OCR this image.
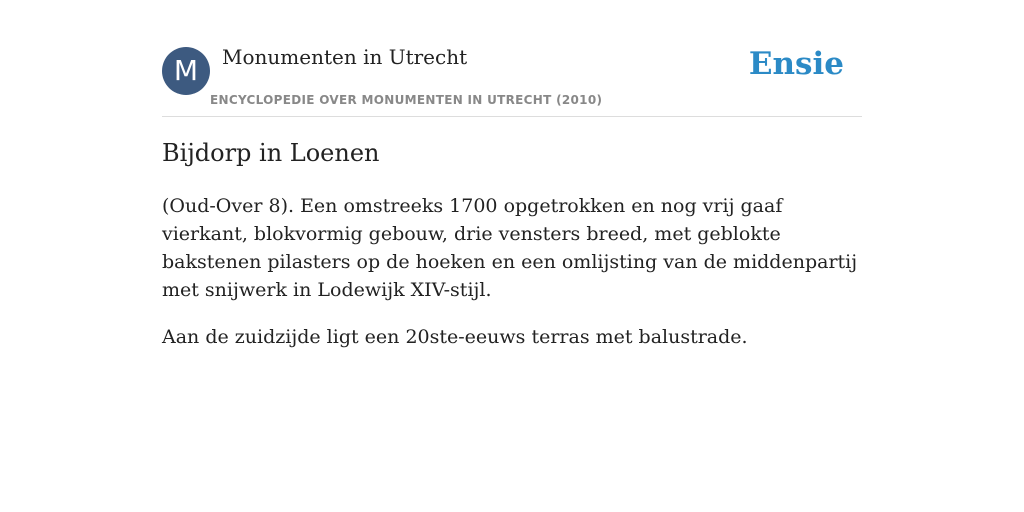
M	Monumenten in Utrecht
ENCYCLOPEDIE OVER MONUMENTEN IN UTRECHT (2010)
Ensie
Bijdorp in Loenen

(Oud-Over 8). Een omstreeks 1700 opgetrokken en nog vrij gaaf vierkant, blokvormig gebouw, drie vensters breed, met geblokte bakstenen pilasters op de hoeken en een omlijsting van de middenpartij met snijwerk in Lodewijk XIV-stijl.

Aan de zuidzijde ligt een 20ste-eeuws terras met balustrade.
